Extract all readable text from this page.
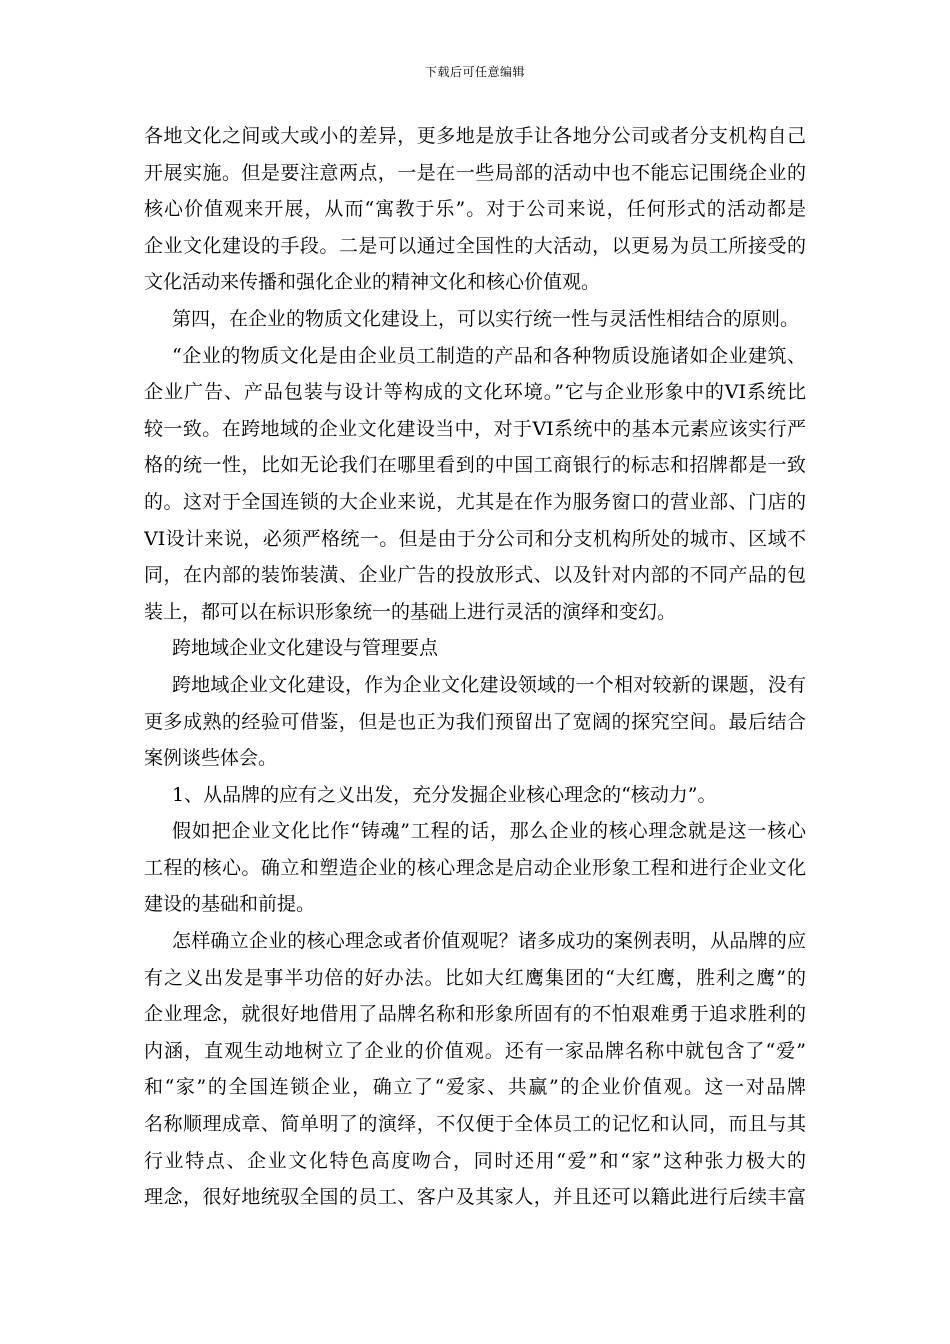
下载后可任意编辑
各地文化之间或大或小的差异，更多地是放手让各地分公司或者分支机构自己
开展实施。但是要注意两点，一是在一些局部的活动中也不能忘记围绕企业的
核心价值观来开展，从而“寓教于乐”。对于公司来说，任何形式的活动都是
企业文化建设的手段。二是可以通过全国性的大活动，以更易为员工所接受的
文化活动来传播和强化企业的精神文化和核心价值观。
第四，在企业的物质文化建设上，可以实行统一性与灵活性相结合的原则。
“企业的物质文化是由企业员工制造的产品和各种物质设施诸如企业建筑、
企业广告、产品包装与设计等构成的文化环境。”它与企业形象中的VI系统比
较一致。在跨地域的企业文化建设当中，对于VI系统中的基本元素应该实行严
格的统一性，比如无论我们在哪里看到的中国工商银行的标志和招牌都是一致
的。这对于全国连锁的大企业来说，尤其是在作为服务窗口的营业部、门店的
VI设计来说，必须严格统一。但是由于分公司和分支机构所处的城市、区域不
同，在内部的装饰装潢、企业广告的投放形式、以及针对内部的不同产品的包
装上，都可以在标识形象统一的基础上进行灵活的演绎和变幻。
跨地域企业文化建设与管理要点
跨地域企业文化建设，作为企业文化建设领域的一个相对较新的课题，没有
更多成熟的经验可借鉴，但是也正为我们预留出了宽阔的探究空间。最后结合
案例谈些体会。
1、从品牌的应有之义出发，充分发掘企业核心理念的“核动力”。
假如把企业文化比作“铸魂”工程的话，那么企业的核心理念就是这一核心
工程的核心。确立和塑造企业的核心理念是启动企业形象工程和进行企业文化
建设的基础和前提。
怎样确立企业的核心理念或者价值观呢？诸多成功的案例表明，从品牌的应
有之义出发是事半功倍的好办法。比如大红鹰集团的“大红鹰，胜利之鹰”的
企业理念，就很好地借用了品牌名称和形象所固有的不怕艰难勇于追求胜利的
内涵，直观生动地树立了企业的价值观。还有一家品牌名称中就包含了“爱”
和“家”的全国连锁企业，确立了“爱家、共赢”的企业价值观。这一对品牌
名称顺理成章、简单明了的演绎，不仅便于全体员工的记忆和认同，而且与其
行业特点、企业文化特色高度吻合，同时还用“爱”和“家”这种张力极大的
理念，很好地统驭全国的员工、客户及其家人，并且还可以籍此进行后续丰富
